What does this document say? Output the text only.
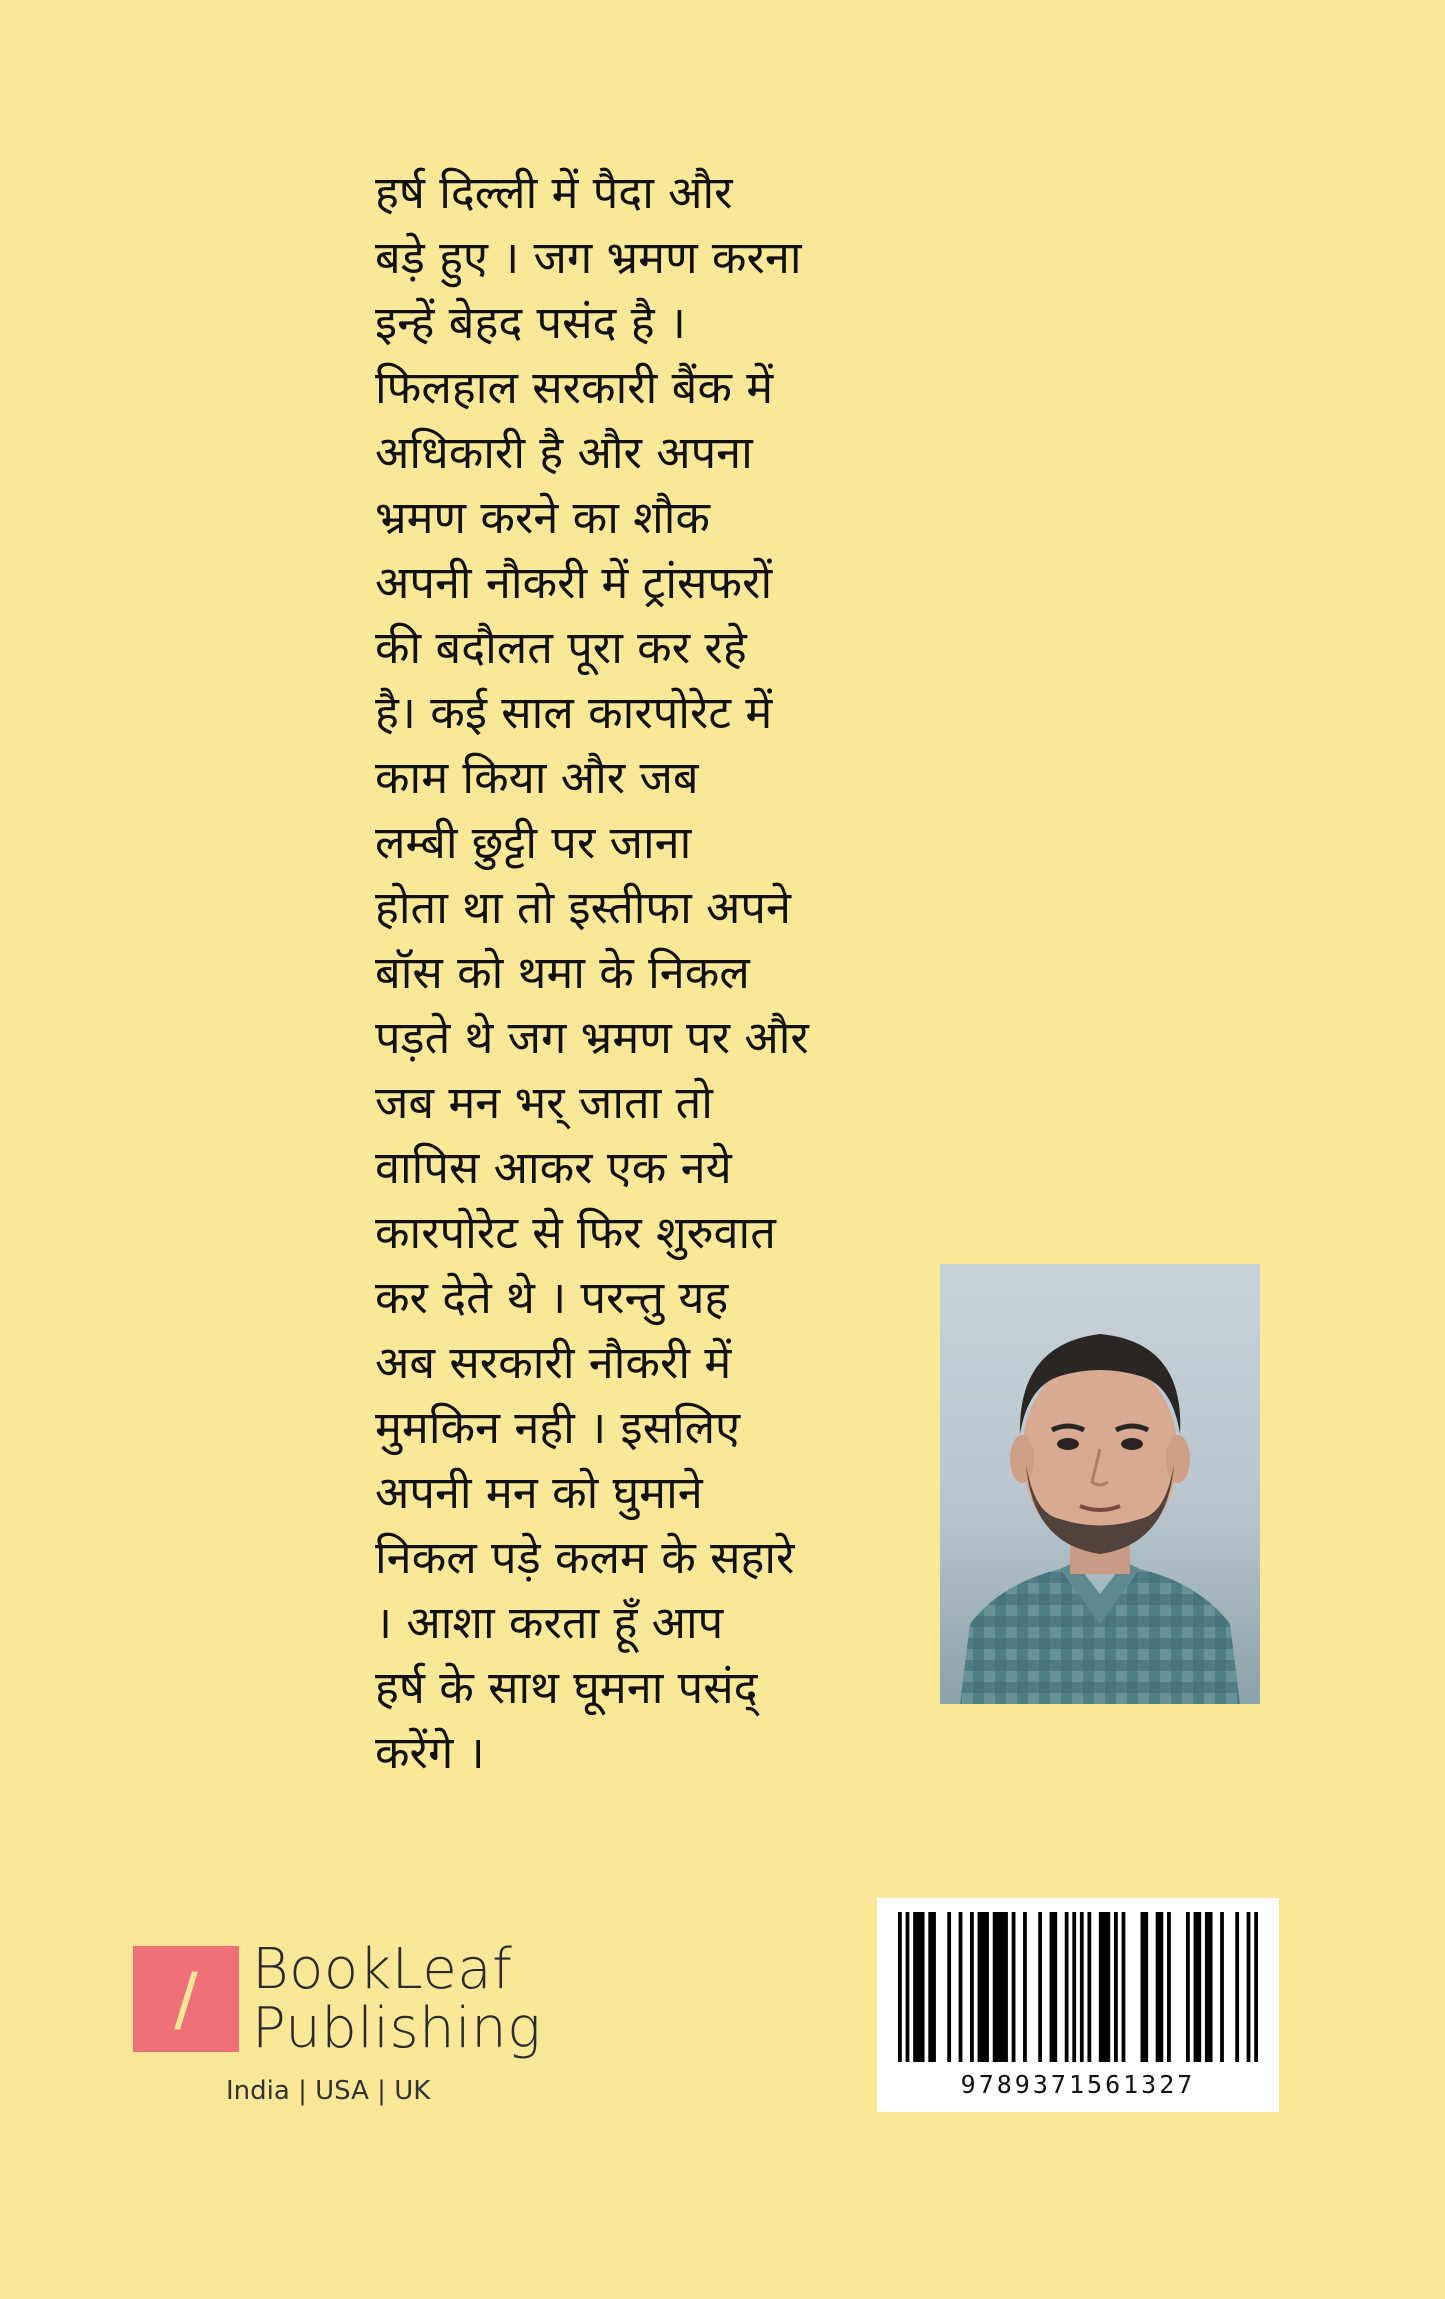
हर्ष दिल्ली में पैदा और
बड़े हुए । जग भ्रमण करना
इन्हें बेहद पसंद है ।
फिलहाल सरकारी बैंक में
अधिकारी है और अपना
भ्रमण करने का शौक
अपनी नौकरी में ट्रांसफरों
की बदौलत पूरा कर रहे
है। कई साल कारपोरेट में
काम किया और जब
लम्बी छुट्टी पर जाना
होता था तो इस्तीफा अपने
बॉस को थमा के निकल
पड़ते थे जग भ्रमण पर और
जब मन भर् जाता तो
वापिस आकर एक नये
कारपोरेट से फिर शुरुवात
कर देते थे । परन्तु यह
अब सरकारी नौकरी में
मुमकिन नही । इसलिए
अपनी मन को घुमाने
निकल पड़े कलम के सहारे
। आशा करता हूँ आप
हर्ष के साथ घूमना पसंद्
करेंगे ।
/ BookLeaf
Publishing
India | USA | UK	9789371561327
